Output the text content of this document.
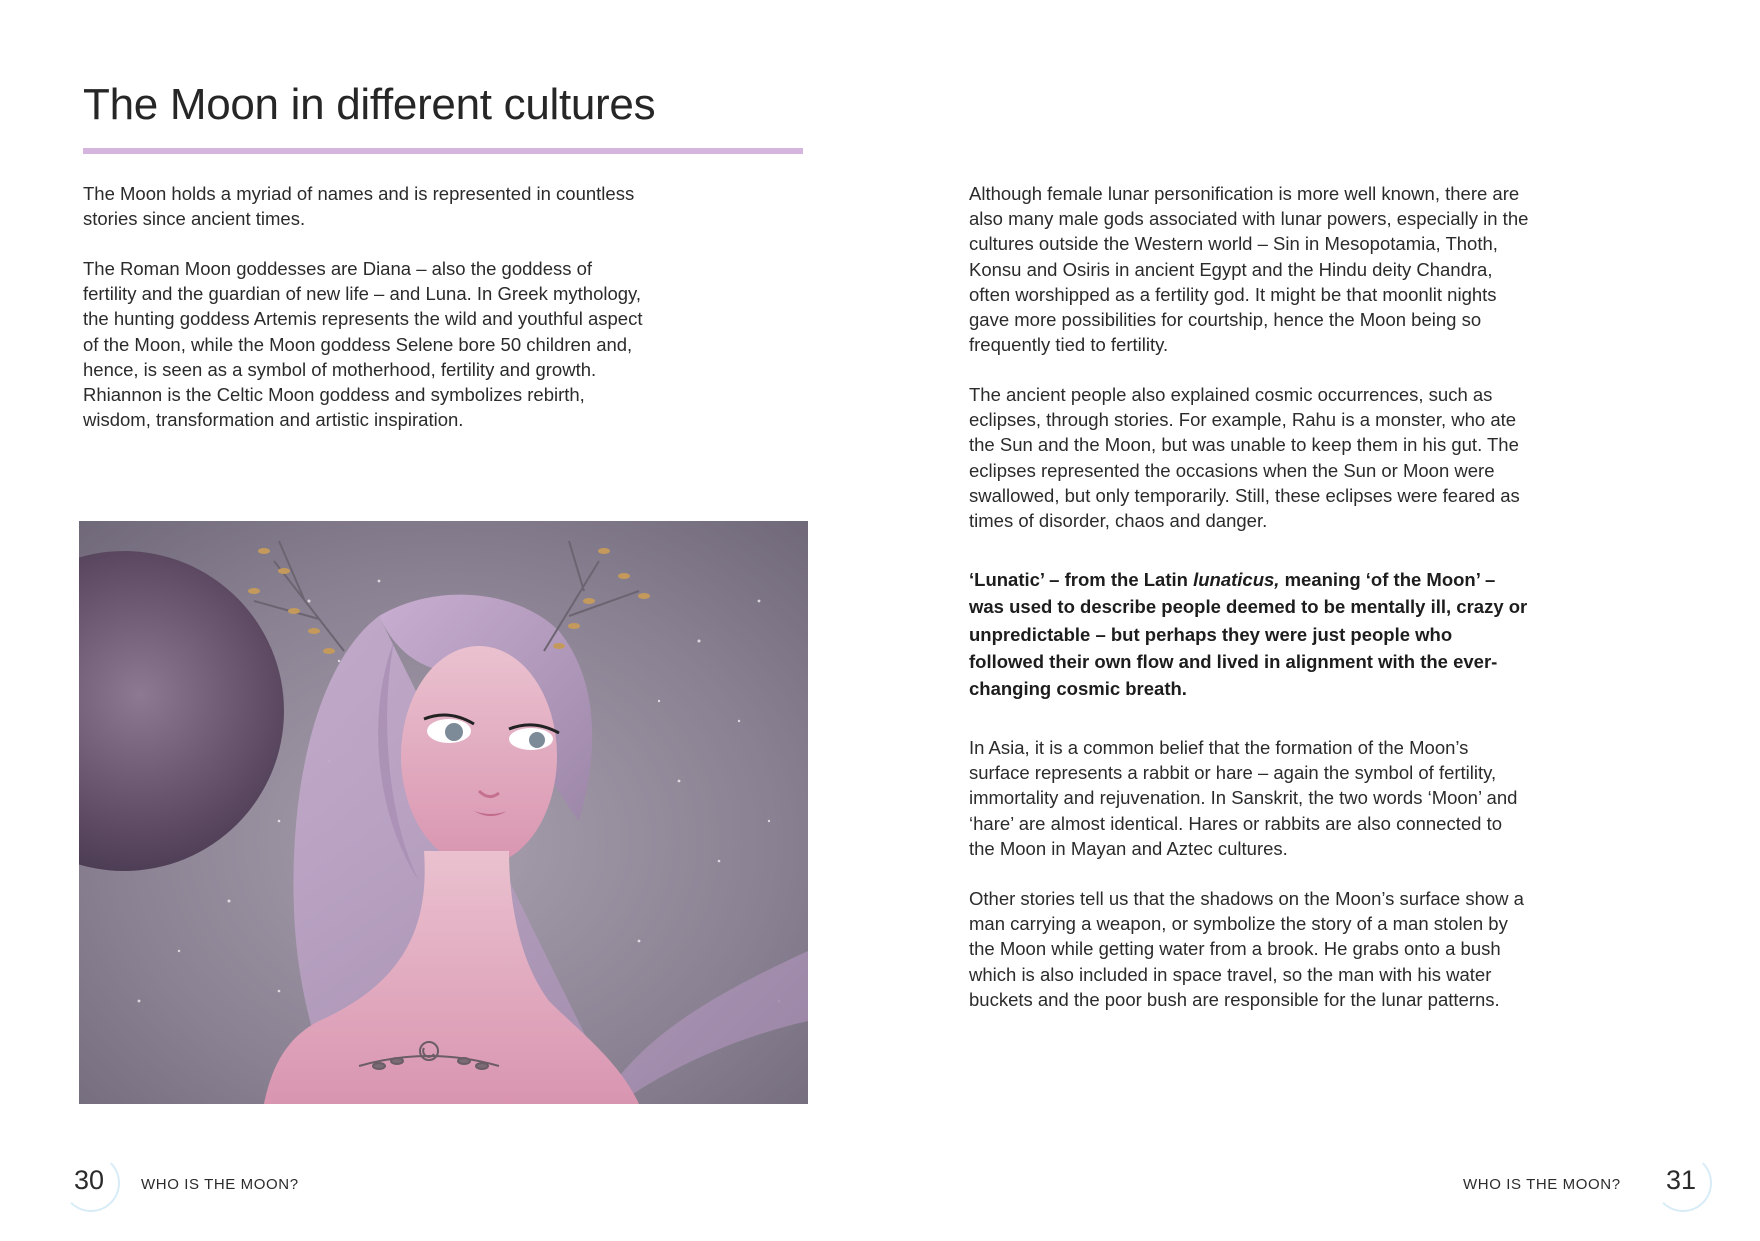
The Moon in different cultures

The Moon holds a myriad of names and is represented in countless stories since ancient times.

The Roman Moon goddesses are Diana – also the goddess of fertility and the guardian of new life – and Luna. In Greek mythology, the hunting goddess Artemis represents the wild and youthful aspect of the Moon, while the Moon goddess Selene bore 50 children and, hence, is seen as a symbol of motherhood, fertility and growth. Rhiannon is the Celtic Moon goddess and symbolizes rebirth, wisdom, transformation and artistic inspiration.

Although female lunar personification is more well known, there are also many male gods associated with lunar powers, especially in the cultures outside the Western world – Sin in Mesopotamia, Thoth, Konsu and Osiris in ancient Egypt and the Hindu deity Chandra, often worshipped as a fertility god. It might be that moonlit nights gave more possibilities for courtship, hence the Moon being so frequently tied to fertility.

The ancient people also explained cosmic occurrences, such as eclipses, through stories. For example, Rahu is a monster, who ate the Sun and the Moon, but was unable to keep them in his gut. The eclipses represented the occasions when the Sun or Moon were swallowed, but only temporarily. Still, these eclipses were feared as times of disorder, chaos and danger.

‘Lunatic’ – from the Latin lunaticus, meaning ‘of the Moon’ – was used to describe people deemed to be mentally ill, crazy or unpredictable – but perhaps they were just people who followed their own flow and lived in alignment with the ever-changing cosmic breath.

In Asia, it is a common belief that the formation of the Moon’s surface represents a rabbit or hare – again the symbol of fertility, immortality and rejuvenation. In Sanskrit, the two words ‘Moon’ and ‘hare’ are almost identical. Hares or rabbits are also connected to the Moon in Mayan and Aztec cultures.

Other stories tell us that the shadows on the Moon’s surface show a man carrying a weapon, or symbolize the story of a man stolen by the Moon while getting water from a brook. He grabs onto a bush which is also included in space travel, so the man with his water buckets and the poor bush are responsible for the lunar patterns.

30 WHO IS THE MOON?	WHO IS THE MOON? 31
